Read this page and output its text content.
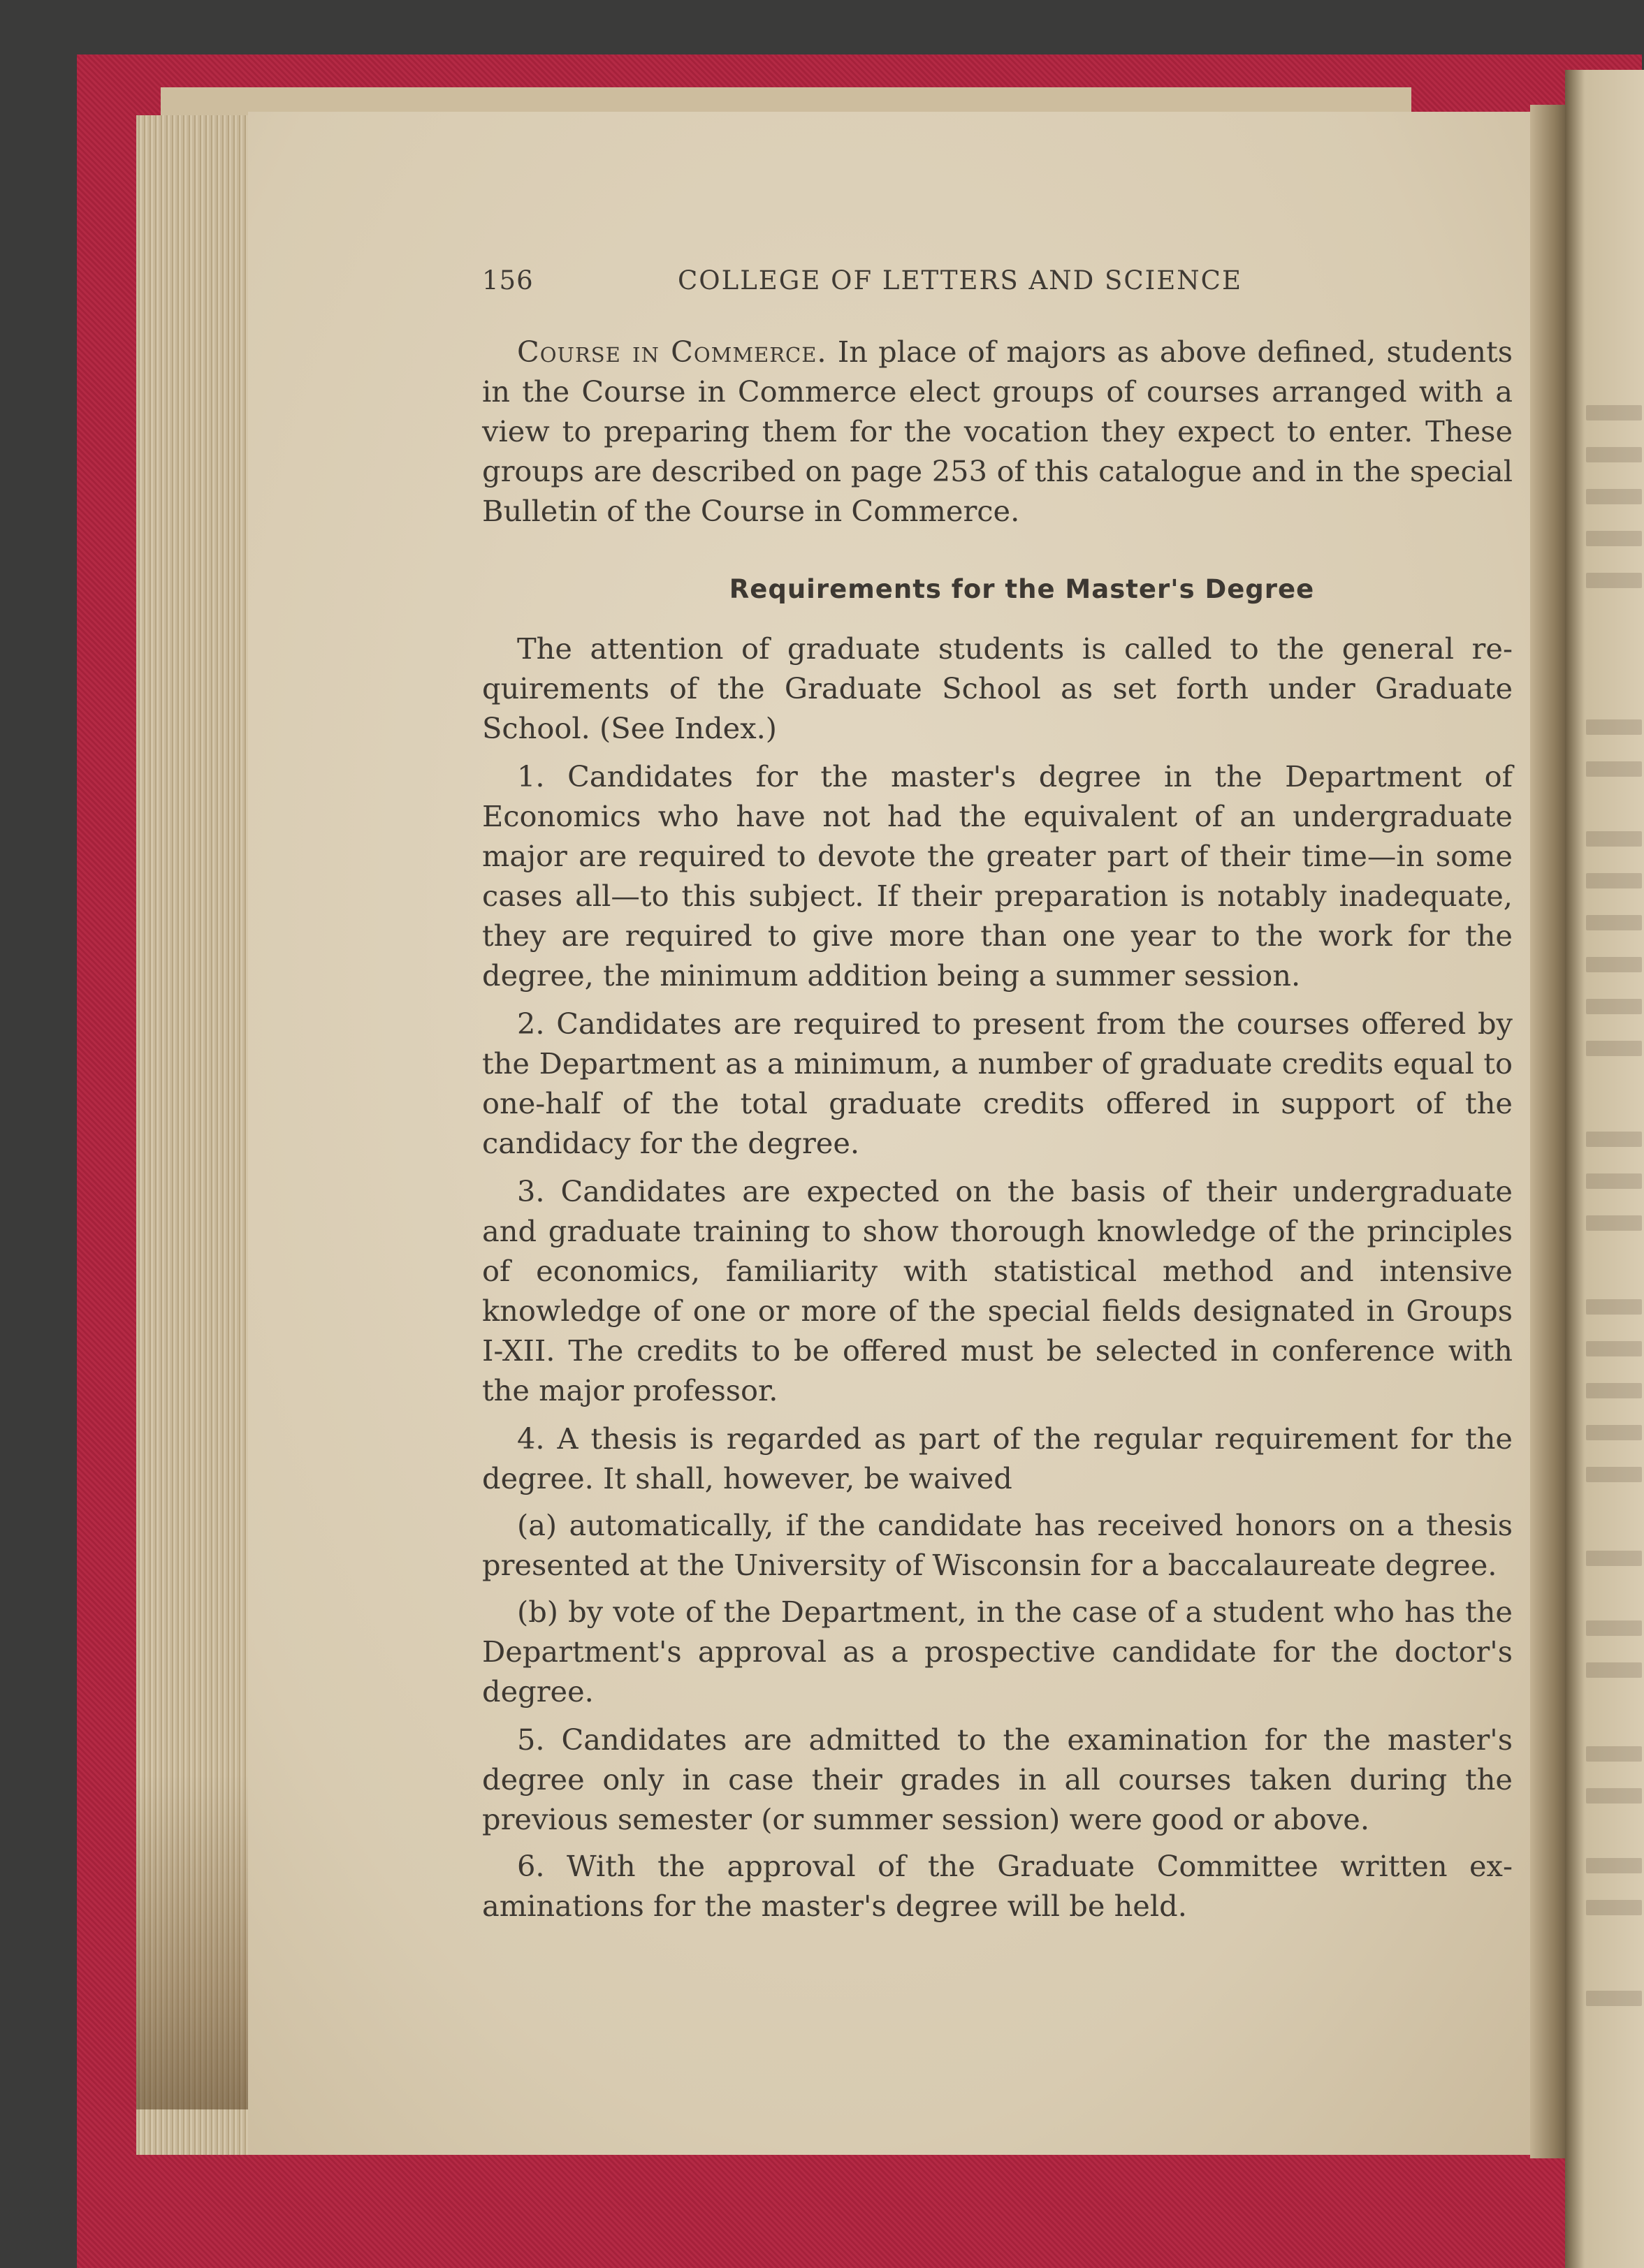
156	COLLEGE OF LETTERS AND SCIENCE

Course in Commerce. In place of majors as above defined, students in the Course in Commerce elect groups of courses arranged with a view to preparing them for the vocation they expect to enter. These groups are described on page 253 of this catalogue and in the special Bulletin of the Course in Commerce.

Requirements for the Master's Degree

The attention of graduate students is called to the general requirements of the Graduate School as set forth under Graduate School. (See Index.)

1. Candidates for the master's degree in the Department of Economics who have not had the equivalent of an undergraduate major are required to devote the greater part of their time—in some cases all—to this subject. If their preparation is notably inadequate, they are required to give more than one year to the work for the degree, the minimum addition being a summer session.

2. Candidates are required to present from the courses offered by the Department as a minimum, a number of graduate credits equal to one-half of the total graduate credits offered in support of the candidacy for the degree.

3. Candidates are expected on the basis of their undergraduate and graduate training to show thorough knowledge of the principles of economics, familiarity with statistical method and intensive knowledge of one or more of the special fields designated in Groups I-XII. The credits to be offered must be selected in conference with the major professor.

4. A thesis is regarded as part of the regular requirement for the degree. It shall, however, be waived

(a) automatically, if the candidate has received honors on a thesis presented at the University of Wisconsin for a baccalaureate degree.

(b) by vote of the Department, in the case of a student who has the Department's approval as a prospective candidate for the doctor's degree.

5. Candidates are admitted to the examination for the master's degree only in case their grades in all courses taken during the previous semester (or summer session) were good or above.

6. With the approval of the Graduate Committee written examinations for the master's degree will be held.
